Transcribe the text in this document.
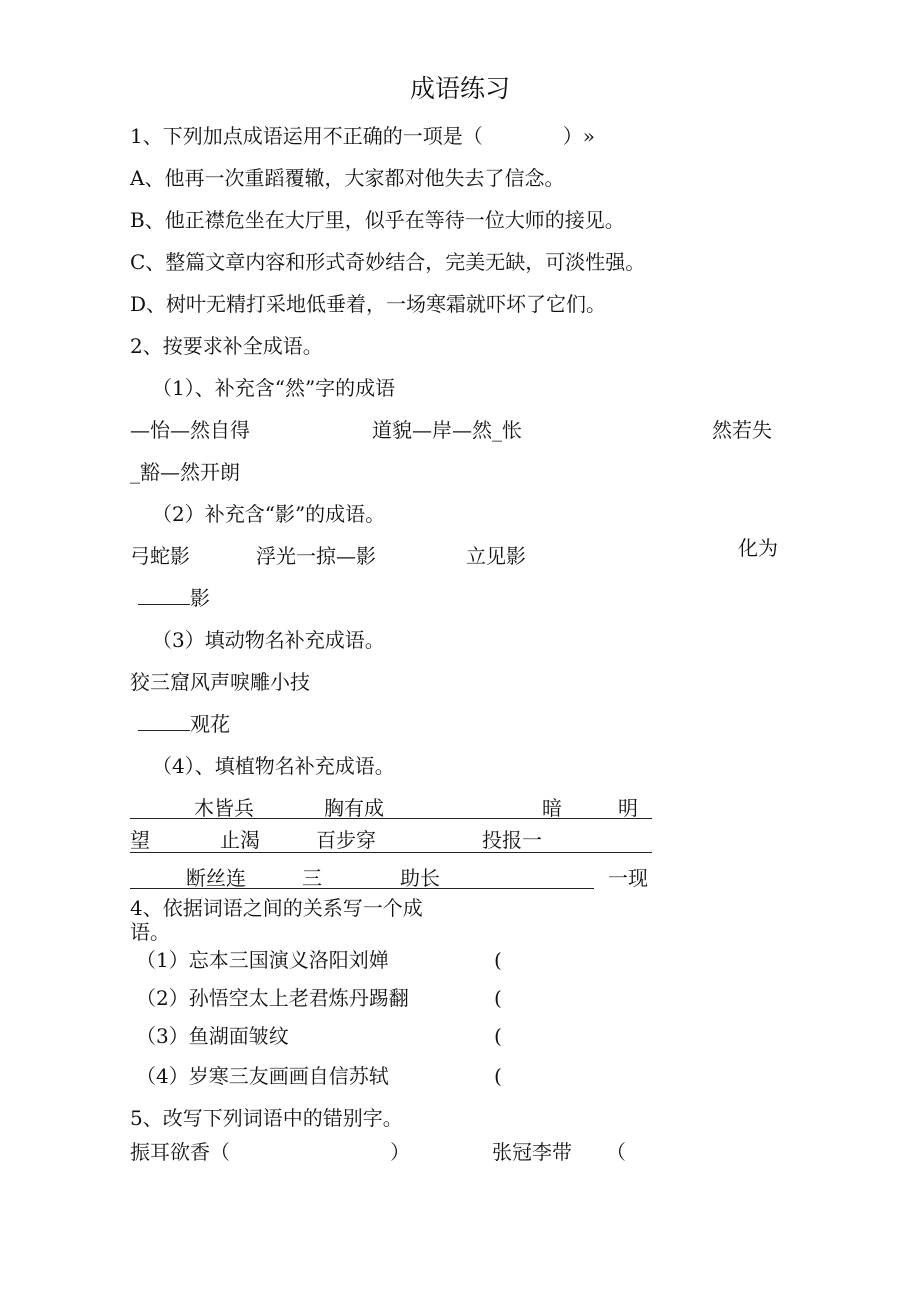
成语练习
1、下列加点成语运用不正确的一项是（　　　　）»
A、他再一次重蹈覆辙，大家都对他失去了信念。
B、他正襟危坐在大厅里，似乎在等待一位大师的接见。
C、整篇文章内容和形式奇妙结合，完美无缺，可淡性强。
D、树叶无精打采地低垂着，一场寒霜就吓坏了它们。
2、按要求补全成语。
（1）、补充含“然”字的成语
—怡—然自得	道貌—岸—然_怅	然若失
_豁—然开朗
（2）补充含“影”的成语。
弓蛇影	浮光一掠—影	立见影	化为
影
（3）填动物名补充成语。
狡三窟风声唳雕小技
观花
（4）、填植物名补充成语。
木皆兵	胸有成	暗	明
望	止渴	百步穿	投报一
断丝连	三	助长	一现
4、依据词语之间的关系写一个成
语。
（1）忘本三国演义洛阳刘婵	(
（2）孙悟空太上老君炼丹踢翻	(
（3）鱼湖面皱纹	(
（4）岁寒三友画画自信苏轼	(
5、改写下列词语中的错别字。
振耳欲香（	）	张冠李带 （
